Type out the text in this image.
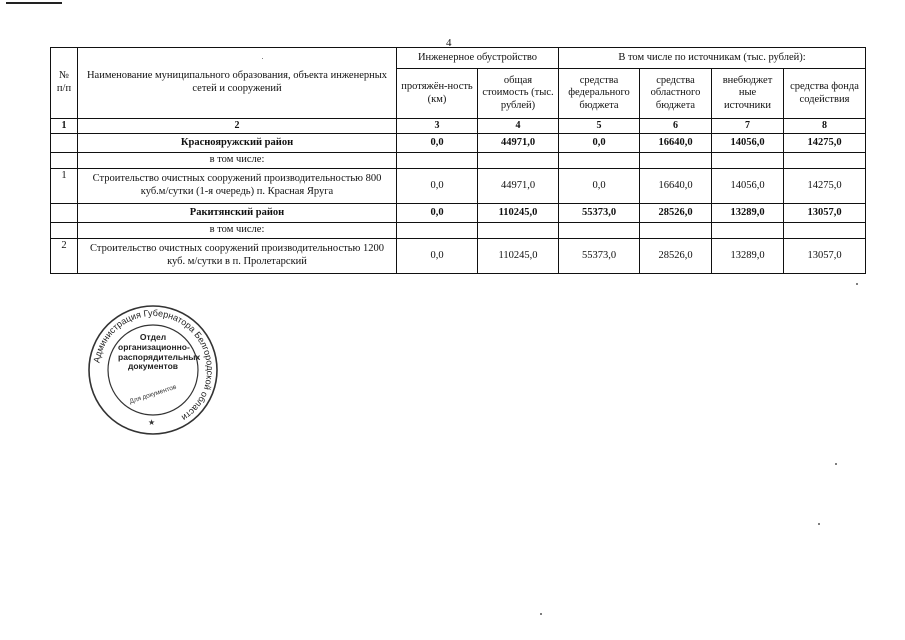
4
№ п/п	Наименование муниципального образования, объекта инженерных сетей и сооружений	Инженерное обустройство		В том числе по источникам (тыс. рублей):			
		протяжён-ность (км)	общая стоимость (тыс. рублей)	средства федерального бюджета	средства областного бюджета	внебюджет ные источники	средства фонда содействия
1	2	3	4	5	6	7	8
	Краснояружский район	0,0	44971,0	0,0	16640,0	14056,0	14275,0
	в том числе:						
1	Строительство очистных сооружений производительностью 800 куб.м/сутки (1-я очередь) п. Красная Яруга	0,0	44971,0	0,0	16640,0	14056,0	14275,0
	Ракитянский район	0,0	110245,0	55373,0	28526,0	13289,0	13057,0
	в том числе:						
2	Строительство очистных сооружений производительностью 1200 куб. м/сутки в п. Пролетарский	0,0	110245,0	55373,0	28526,0	13289,0	13057,0
Администрация Губернатора Белгородской области
★
Отдел организационно-распорядительных документов
Для документов
